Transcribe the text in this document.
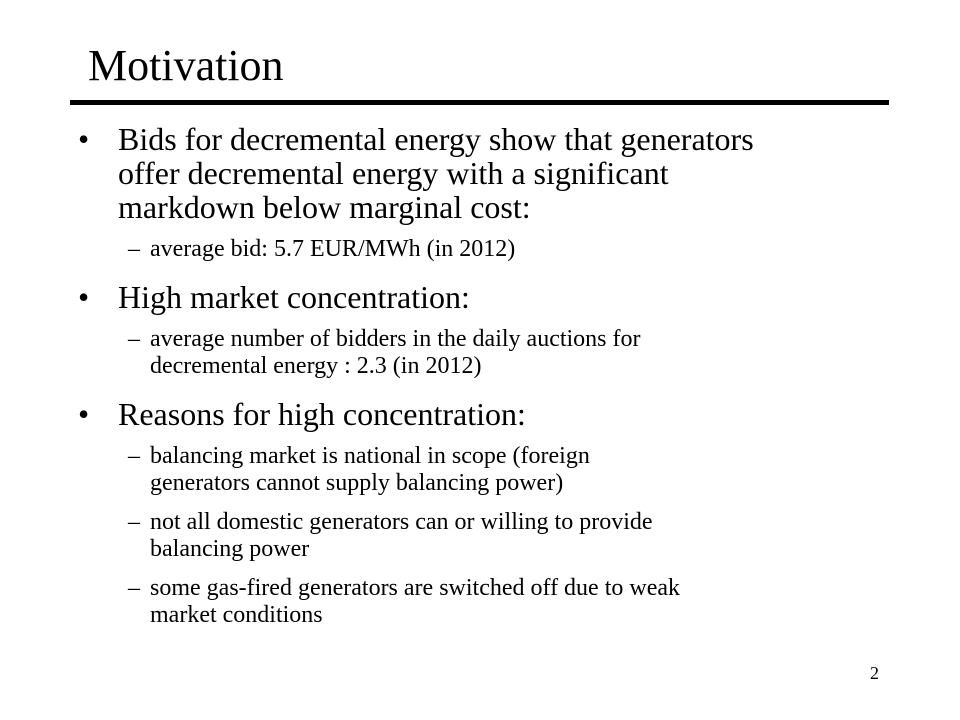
Motivation
• Bids for decremental energy show that generators
offer decremental energy with a significant
markdown below marginal cost:
– average bid: 5.7 EUR/MWh (in 2012)
• High market concentration:
– average number of bidders in the daily auctions for
decremental energy : 2.3 (in 2012)
• Reasons for high concentration:
– balancing market is national in scope (foreign
generators cannot supply balancing power)
– not all domestic generators can or willing to provide
balancing power
– some gas-fired generators are switched off due to weak
market conditions
2
